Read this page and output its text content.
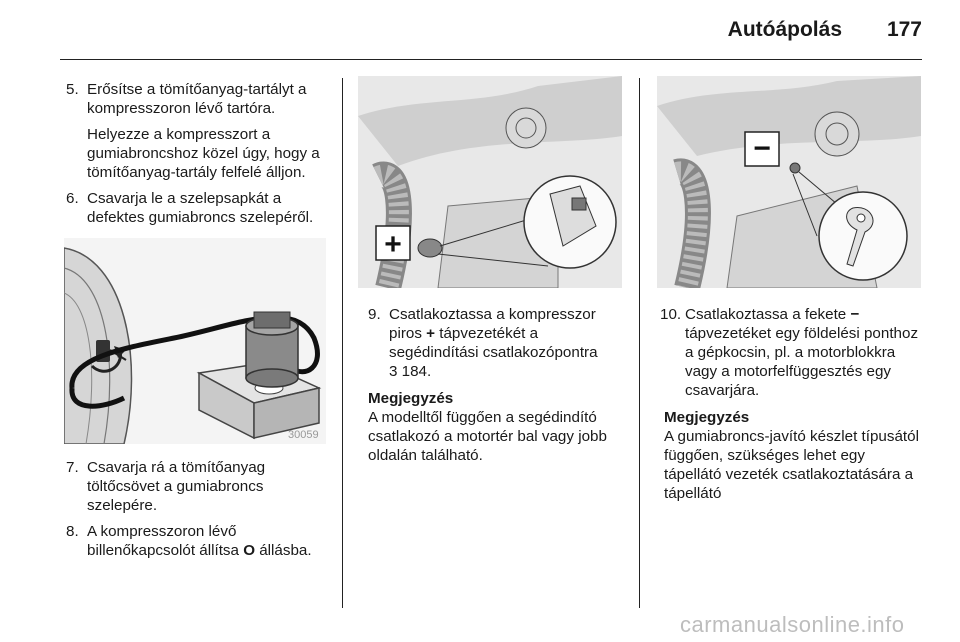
Autóápolás 177
5. Erősítse a tömítőanyag-tartályt a kompresszoron lévő tartóra.
Helyezze a kompresszort a gumiabroncshoz közel úgy, hogy a tömítőanyag-tartály felfelé álljon.
6. Csavarja le a szelepsapkát a defektes gumiabroncs szelepéről.
30059
7. Csavarja rá a tömítőanyag töltőcsövet a gumiabroncs szelepére.
8. A kompresszoron lévő billenőkapcsolót állítsa O állásba.
+
9. Csatlakoztassa a kompresszor piros + tápvezetékét a segédindítási csatlakozópontra
3 184.
Megjegyzés
A modelltől függően a segédindító csatlakozó a motortér bal vagy jobb oldalán található.
−
10. Csatlakoztassa a fekete − tápvezetéket egy földelési ponthoz a gépkocsin, pl. a motorblokkra vagy a motorfelfüggesztés egy csavarjára.
Megjegyzés
A gumiabroncs-javító készlet típusától függően, szükséges lehet egy tápellátó vezeték csatlakoztatására a tápellátó
carmanualsonline.info
